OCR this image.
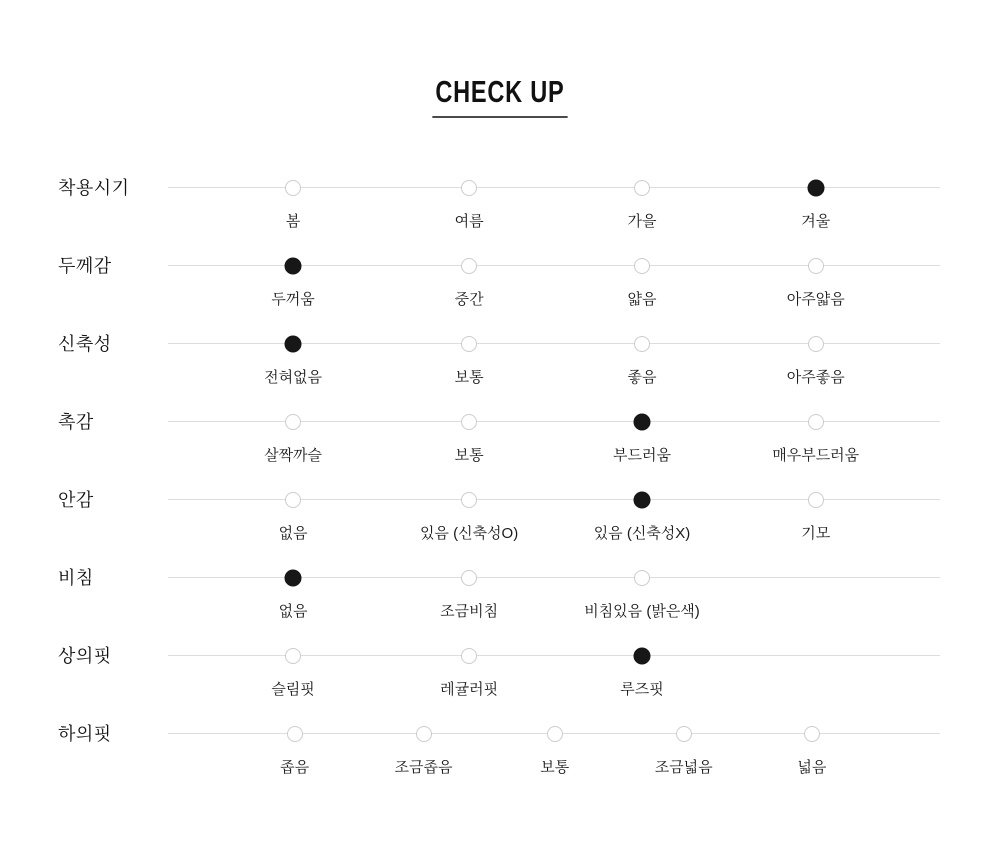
CHECK UP
착용시기
봄	여름	가을	겨울
두께감
두꺼움	중간	얇음	아주얇음
신축성
전혀없음	보통	좋음	아주좋음
촉감
살짝까슬	보통	부드러움	매우부드러움
안감
없음	있음 (신축성O)	있음 (신축성X)	기모
비침
없음	조금비침	비침있음 (밝은색)
상의핏
슬림핏	레귤러핏	루즈핏
하의핏
좁음	조금좁음	보통	조금넓음	넓음
